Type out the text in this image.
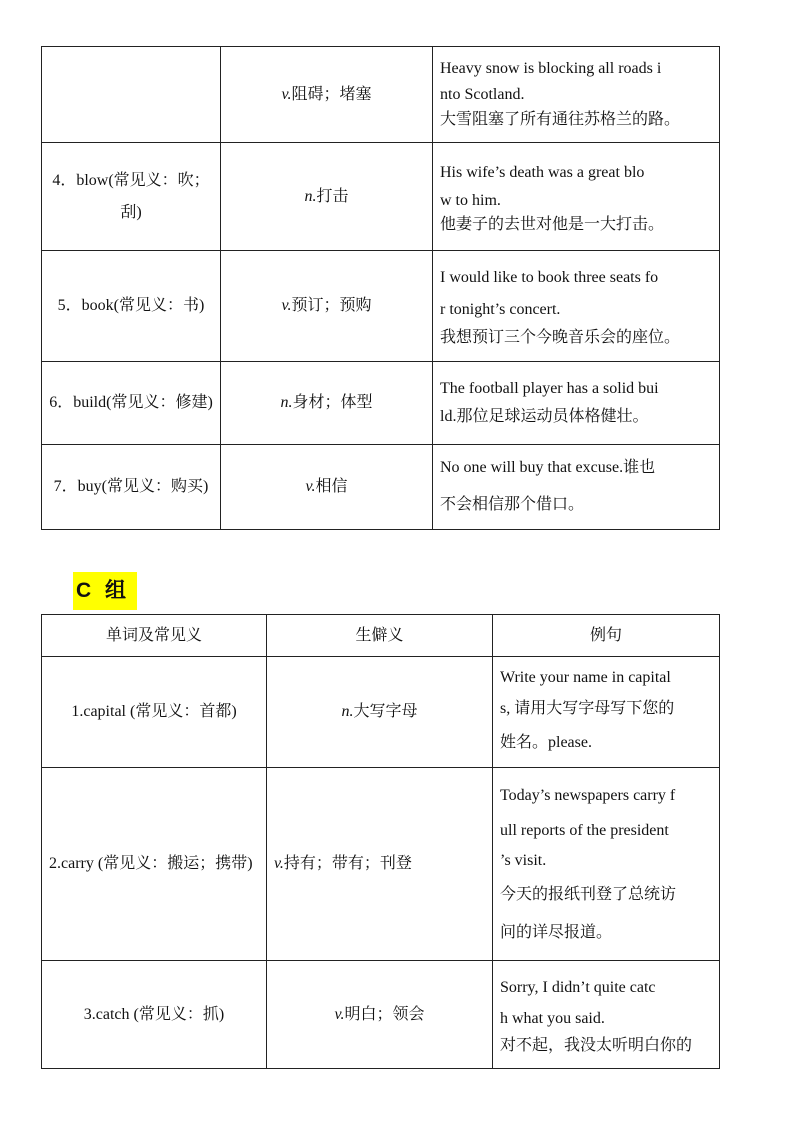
	v.阻碍；堵塞	Heavy snow is blocking all roads i
nto Scotland.
大雪阻塞了所有通往苏格兰的路。

4．blow(常见义：吹；刮)	n.打击	His wife’s death was a great blo
w to him.
他妻子的去世对他是一大打击。

5．book(常见义：书)	v.预订；预购	I would like to book three seats fo
r tonight’s concert.
我想预订三个今晚音乐会的座位。

6．build(常见义：修建)	n.身材；体型	The football player has a solid bui
ld.那位足球运动员体格健壮。

7．buy(常见义：购买)	v.相信	No one will buy that excuse.谁也
不会相信那个借口。
C 组
单词及常见义	生僻义	例句
1.capital (常见义：首都)	n.大写字母	Write your name in capital
s, 请用大写字母写下您的
姓名。please.

2.carry (常见义：搬运；携带)	v.持有；带有；刊登	Today’s newspapers carry f
ull reports of the president
’s visit.
今天的报纸刊登了总统访
问的详尽报道。

3.catch (常见义：抓)	v.明白；领会	Sorry, I didn’t quite catc
h what you said.
对不起，我没太听明白你的
